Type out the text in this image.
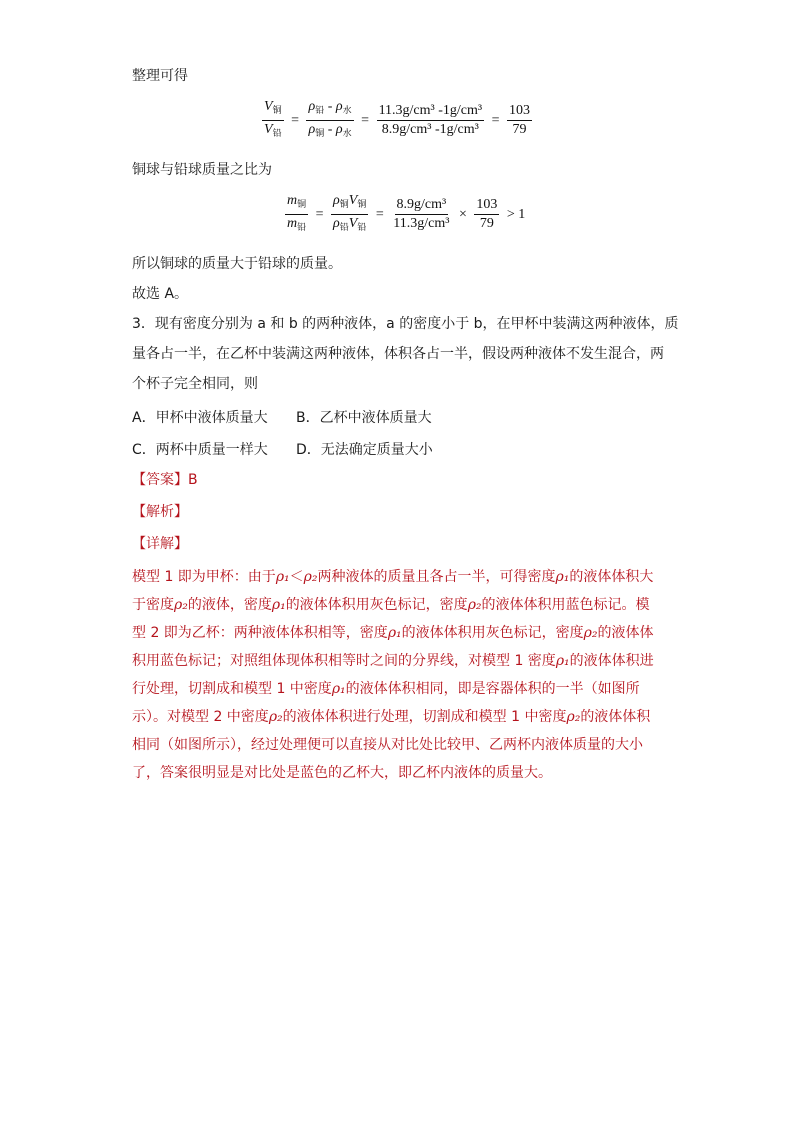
整理可得
$\frac{V_铜}{V_铅} = \frac{\rho_铅 - \rho_水}{\rho_铜 - \rho_水} = \frac{\text{11.3g/cm³ -1g/cm³}}{\text{8.9g/cm³ -1g/cm³}} = \frac{103}{79}$
铜球与铅球质量之比为
$\frac{m_铜}{m_铅} = \frac{\rho_铜V_铜}{\rho_铅V_铅} = \frac{\text{8.9g/cm³}}{\text{11.3g/cm³}} \times \frac{103}{79} > 1$
所以铜球的质量大于铅球的质量。
故选 A。
3．现有密度分别为 a 和 b 的两种液体，a 的密度小于 b，在甲杯中装满这两种液体，质
量各占一半，在乙杯中装满这两种液体，体积各占一半，假设两种液体不发生混合，两
个杯子完全相同，则
A．甲杯中液体质量大 B．乙杯中液体质量大
C．两杯中质量一样大 D．无法确定质量大小
【答案】B
【解析】
【详解】
模型 1 即为甲杯：由于ρ₁＜ρ₂两种液体的质量且各占一半，可得密度ρ₁的液体体积大于密度ρ₂的液体，密度ρ₁的液体体积用灰色标记，密度ρ₂的液体体积用蓝色标记。模型 2 即为乙杯：两种液体体积相等，密度ρ₁的液体体积用灰色标记，密度ρ₂的液体体积用蓝色标记；对照组体现体积相等时之间的分界线，对模型 1 密度ρ₁的液体体积进行处理，切割成和模型 1 中密度ρ₁的液体体积相同，即是容器体积的一半（如图所示）。对模型 2 中密度ρ₂的液体体积进行处理，切割成和模型 1 中密度ρ₂的液体体积相同（如图所示），经过处理便可以直接从对比处比较甲、乙两杯内液体质量的大小了，答案很明显是对比处是蓝色的乙杯大，即乙杯内液体的质量大。
